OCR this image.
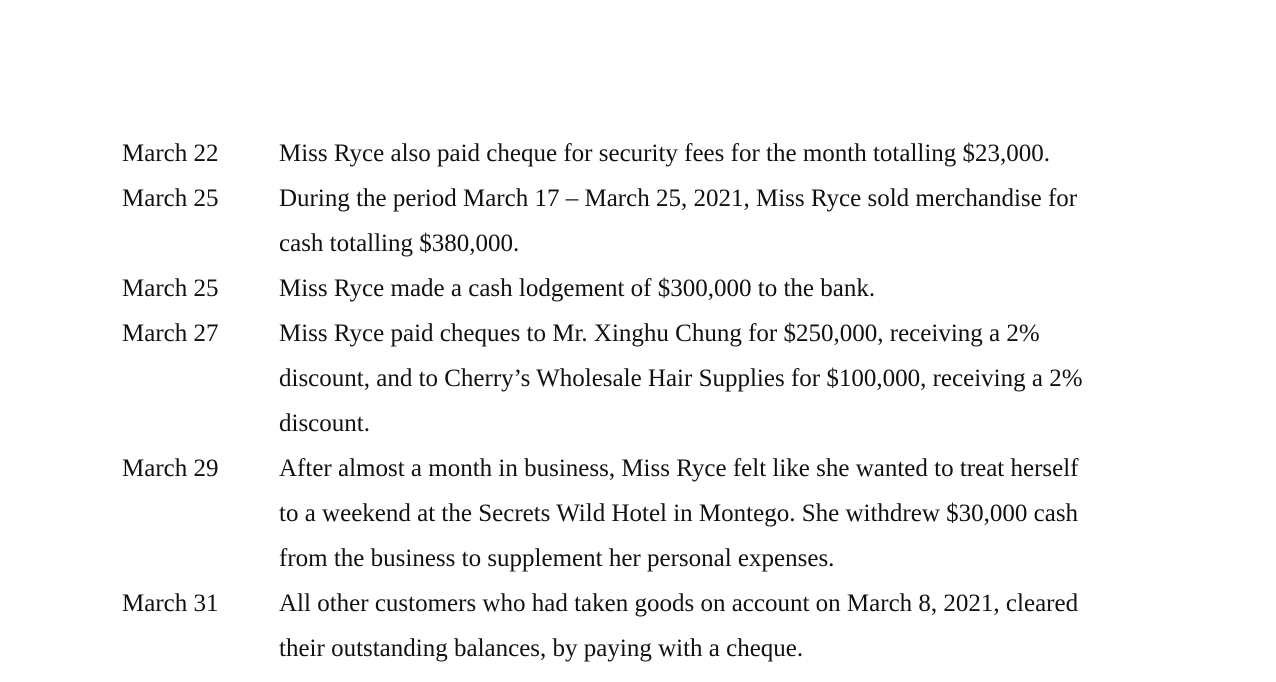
March 22	Miss Ryce also paid cheque for security fees for the month totalling $23,000.
March 25	During the period March 17 – March 25, 2021, Miss Ryce sold merchandise for
cash totalling $380,000.
March 25	Miss Ryce made a cash lodgement of $300,000 to the bank.
March 27	Miss Ryce paid cheques to Mr. Xinghu Chung for $250,000, receiving a 2%
discount, and to Cherry’s Wholesale Hair Supplies for $100,000, receiving a 2%
discount.
March 29	After almost a month in business, Miss Ryce felt like she wanted to treat herself
to a weekend at the Secrets Wild Hotel in Montego. She withdrew $30,000 cash
from the business to supplement her personal expenses.
March 31	All other customers who had taken goods on account on March 8, 2021, cleared
their outstanding balances, by paying with a cheque.
